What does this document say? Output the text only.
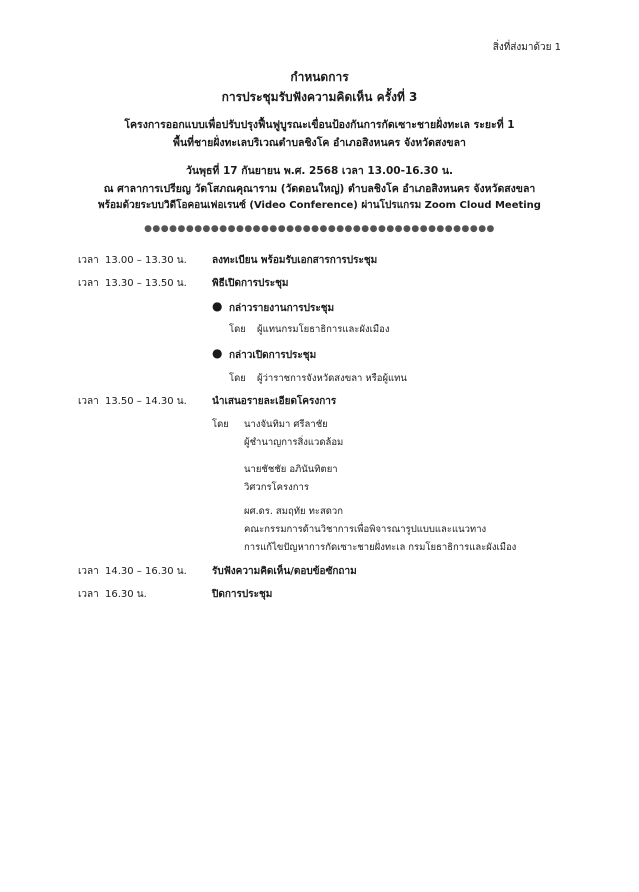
สิ่งที่ส่งมาด้วย 1
กำหนดการ
การประชุมรับฟังความคิดเห็น ครั้งที่ 3
โครงการออกแบบเพื่อปรับปรุงฟื้นฟูบูรณะเขื่อนป้องกันการกัดเซาะชายฝั่งทะเล ระยะที่ 1
พื้นที่ชายฝั่งทะเลบริเวณตำบลชิงโค อำเภอสิงหนคร จังหวัดสงขลา
วันพุธที่ 17 กันยายน พ.ศ. 2568 เวลา 13.00-16.30 น.
ณ ศาลาการเปรียญ วัดโสภณคุณาราม (วัดดอนใหญ่) ตำบลชิงโค อำเภอสิงหนคร จังหวัดสงขลา
พร้อมด้วยระบบวิดีโอคอนเฟอเรนซ์ (Video Conference) ผ่านโปรแกรม Zoom Cloud Meeting
●●●●●●●●●●●●●●●●●●●●●●●●●●●●●●●●●●●●●●●●●●
เวลา 13.00 – 13.30 น.	ลงทะเบียน พร้อมรับเอกสารการประชุม
เวลา 13.30 – 13.50 น.	พิธีเปิดการประชุม
● กล่าวรายงานการประชุม
โดย ผู้แทนกรมโยธาธิการและผังเมือง
● กล่าวเปิดการประชุม
โดย ผู้ว่าราชการจังหวัดสงขลา หรือผู้แทน
เวลา 13.50 – 14.30 น.	นำเสนอรายละเอียดโครงการ
โดย นางจันทิมา ศรีลาชัย
ผู้ชำนาญการสิ่งแวดล้อม
นายชัชชัย อภินันทิตยา
วิศวกรโครงการ
ผศ.ดร. สมฤทัย ทะสดวก
คณะกรรมการด้านวิชาการเพื่อพิจารณารูปแบบและแนวทาง
การแก้ไขปัญหาการกัดเซาะชายฝั่งทะเล กรมโยธาธิการและผังเมือง
เวลา 14.30 – 16.30 น.	รับฟังความคิดเห็น/ตอบข้อซักถาม
เวลา 16.30 น.	ปิดการประชุม
